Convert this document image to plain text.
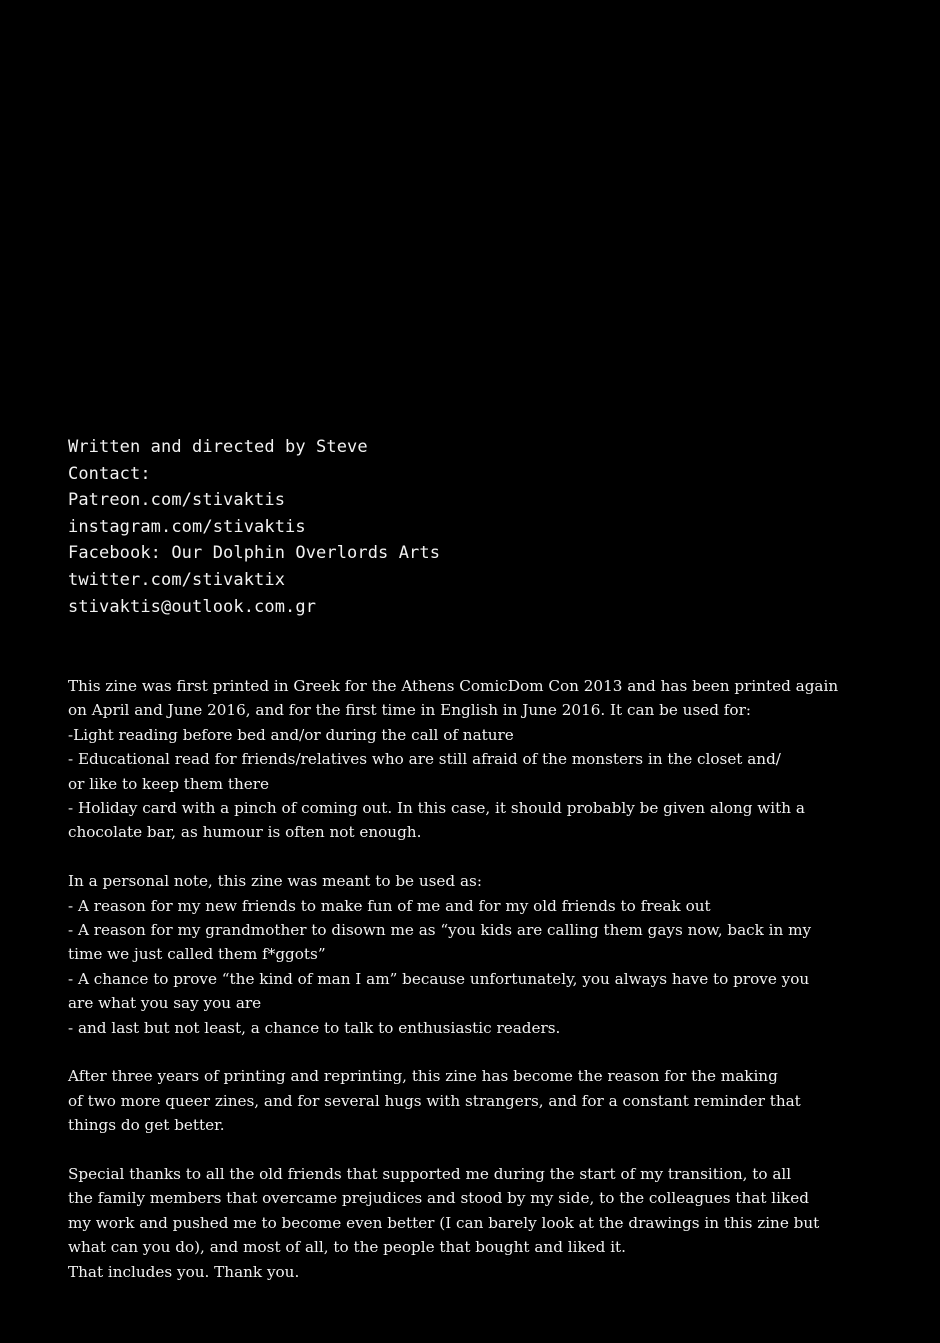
Written and directed by Steve
Contact:
Patreon.com/stivaktis
instagram.com/stivaktis
Facebook: Our Dolphin Overlords Arts
twitter.com/stivaktix
stivaktis@outlook.com.gr
This zine was first printed in Greek for the Athens ComicDom Con 2013 and has been printed again
on April and June 2016, and for the first time in English in June 2016. It can be used for:
-Light reading before bed and/or during the call of nature
- Educational read for friends/relatives who are still afraid of the monsters in the closet and/
or like to keep them there
- Holiday card with a pinch of coming out. In this case, it should probably be given along with a
chocolate bar, as humour is often not enough.
In a personal note, this zine was meant to be used as:
- A reason for my new friends to make fun of me and for my old friends to freak out
- A reason for my grandmother to disown me as “you kids are calling them gays now, back in my
time we just called them f*ggots”
- A chance to prove “the kind of man I am” because unfortunately, you always have to prove you
are what you say you are
- and last but not least, a chance to talk to enthusiastic readers.
After three years of printing and reprinting, this zine has become the reason for the making
of two more queer zines, and for several hugs with strangers, and for a constant reminder that
things do get better.
Special thanks to all the old friends that supported me during the start of my transition, to all
the family members that overcame prejudices and stood by my side, to the colleagues that liked
my work and pushed me to become even better (I can barely look at the drawings in this zine but
what can you do), and most of all, to the people that bought and liked it.
That includes you. Thank you.
